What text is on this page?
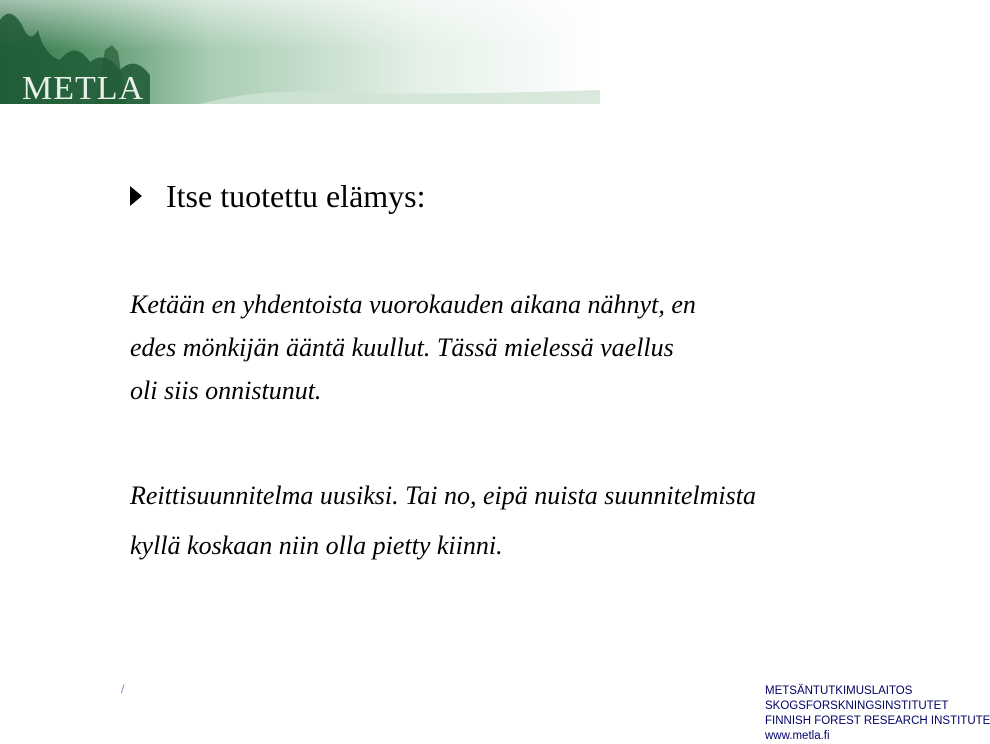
METLA
Itse tuotettu elämys:
Ketään en yhdentoista vuorokauden aikana nähnyt, en
edes mönkijän ääntä kuullut. Tässä mielessä vaellus
oli siis onnistunut.
Reittisuunnitelma uusiksi. Tai no, eipä nuista suunnitelmista
kyllä koskaan niin olla pietty kiinni.
/	METSÄNTUTKIMUSLAITOS
SKOGSFORSKNINGSINSTITUTET
FINNISH FOREST RESEARCH INSTITUTE
www.metla.fi
